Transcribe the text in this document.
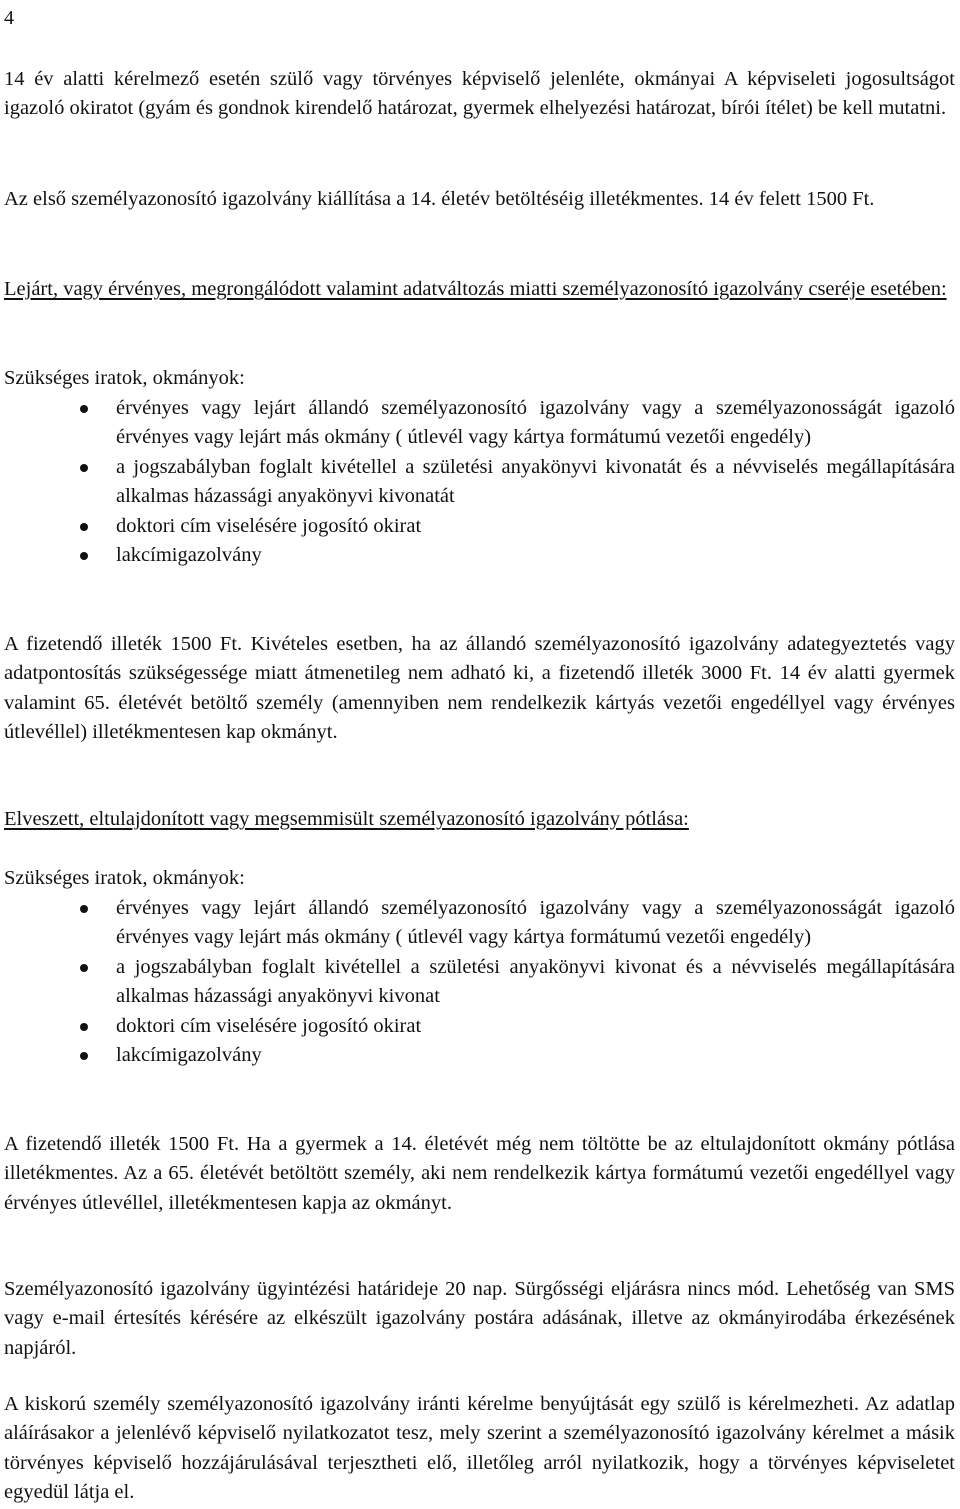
4

14 év alatti kérelmező esetén szülő vagy törvényes képviselő jelenléte, okmányai A képviseleti jogosultságot igazoló okiratot (gyám és gondnok kirendelő határozat, gyermek elhelyezési határozat, bírói ítélet) be kell mutatni.

Az első személyazonosító igazolvány kiállítása a 14. életév betöltéséig illetékmentes. 14 év felett 1500 Ft.

Lejárt, vagy érvényes, megrongálódott valamint adatváltozás miatti személyazonosító igazolvány cseréje esetében:

Szükséges iratok, okmányok:

érvényes vagy lejárt állandó személyazonosító igazolvány vagy a személyazonosságát igazoló érvényes vagy lejárt más okmány ( útlevél vagy kártya formátumú vezetői engedély)
a jogszabályban foglalt kivétellel a születési anyakönyvi kivonatát és a névviselés megállapítására alkalmas házassági anyakönyvi kivonatát
doktori cím viselésére jogosító okirat
lakcímigazolvány

A fizetendő illeték 1500 Ft. Kivételes esetben, ha az állandó személyazonosító igazolvány adategyeztetés vagy adatpontosítás szükségessége miatt átmenetileg nem adható ki, a fizetendő illeték 3000 Ft. 14 év alatti gyermek valamint 65. életévét betöltő személy (amennyiben nem rendelkezik kártyás vezetői engedéllyel vagy érvényes útlevéllel) illetékmentesen kap okmányt.

Elveszett, eltulajdonított vagy megsemmisült személyazonosító igazolvány pótlása:

Szükséges iratok, okmányok:

érvényes vagy lejárt állandó személyazonosító igazolvány vagy a személyazonosságát igazoló érvényes vagy lejárt más okmány ( útlevél vagy kártya formátumú vezetői engedély)
a jogszabályban foglalt kivétellel a születési anyakönyvi kivonat és a névviselés megállapítására alkalmas házassági anyakönyvi kivonat
doktori cím viselésére jogosító okirat
lakcímigazolvány

A fizetendő illeték 1500 Ft. Ha a gyermek a 14. életévét még nem töltötte be az eltulajdonított okmány pótlása illetékmentes. Az a 65. életévét betöltött személy, aki nem rendelkezik kártya formátumú vezetői engedéllyel vagy érvényes útlevéllel, illetékmentesen kapja az okmányt.

Személyazonosító igazolvány ügyintézési határideje 20 nap. Sürgősségi eljárásra nincs mód. Lehetőség van SMS vagy e-mail értesítés kérésére az elkészült igazolvány postára adásának, illetve az okmányirodába érkezésének napjáról.

A kiskorú személy személyazonosító igazolvány iránti kérelme benyújtását egy szülő is kérelmezheti. Az adatlap aláírásakor a jelenlévő képviselő nyilatkozatot tesz, mely szerint a személyazonosító igazolvány kérelmet a másik törvényes képviselő hozzájárulásával terjesztheti elő, illetőleg arról nyilatkozik, hogy a törvényes képviseletet egyedül látja el.
